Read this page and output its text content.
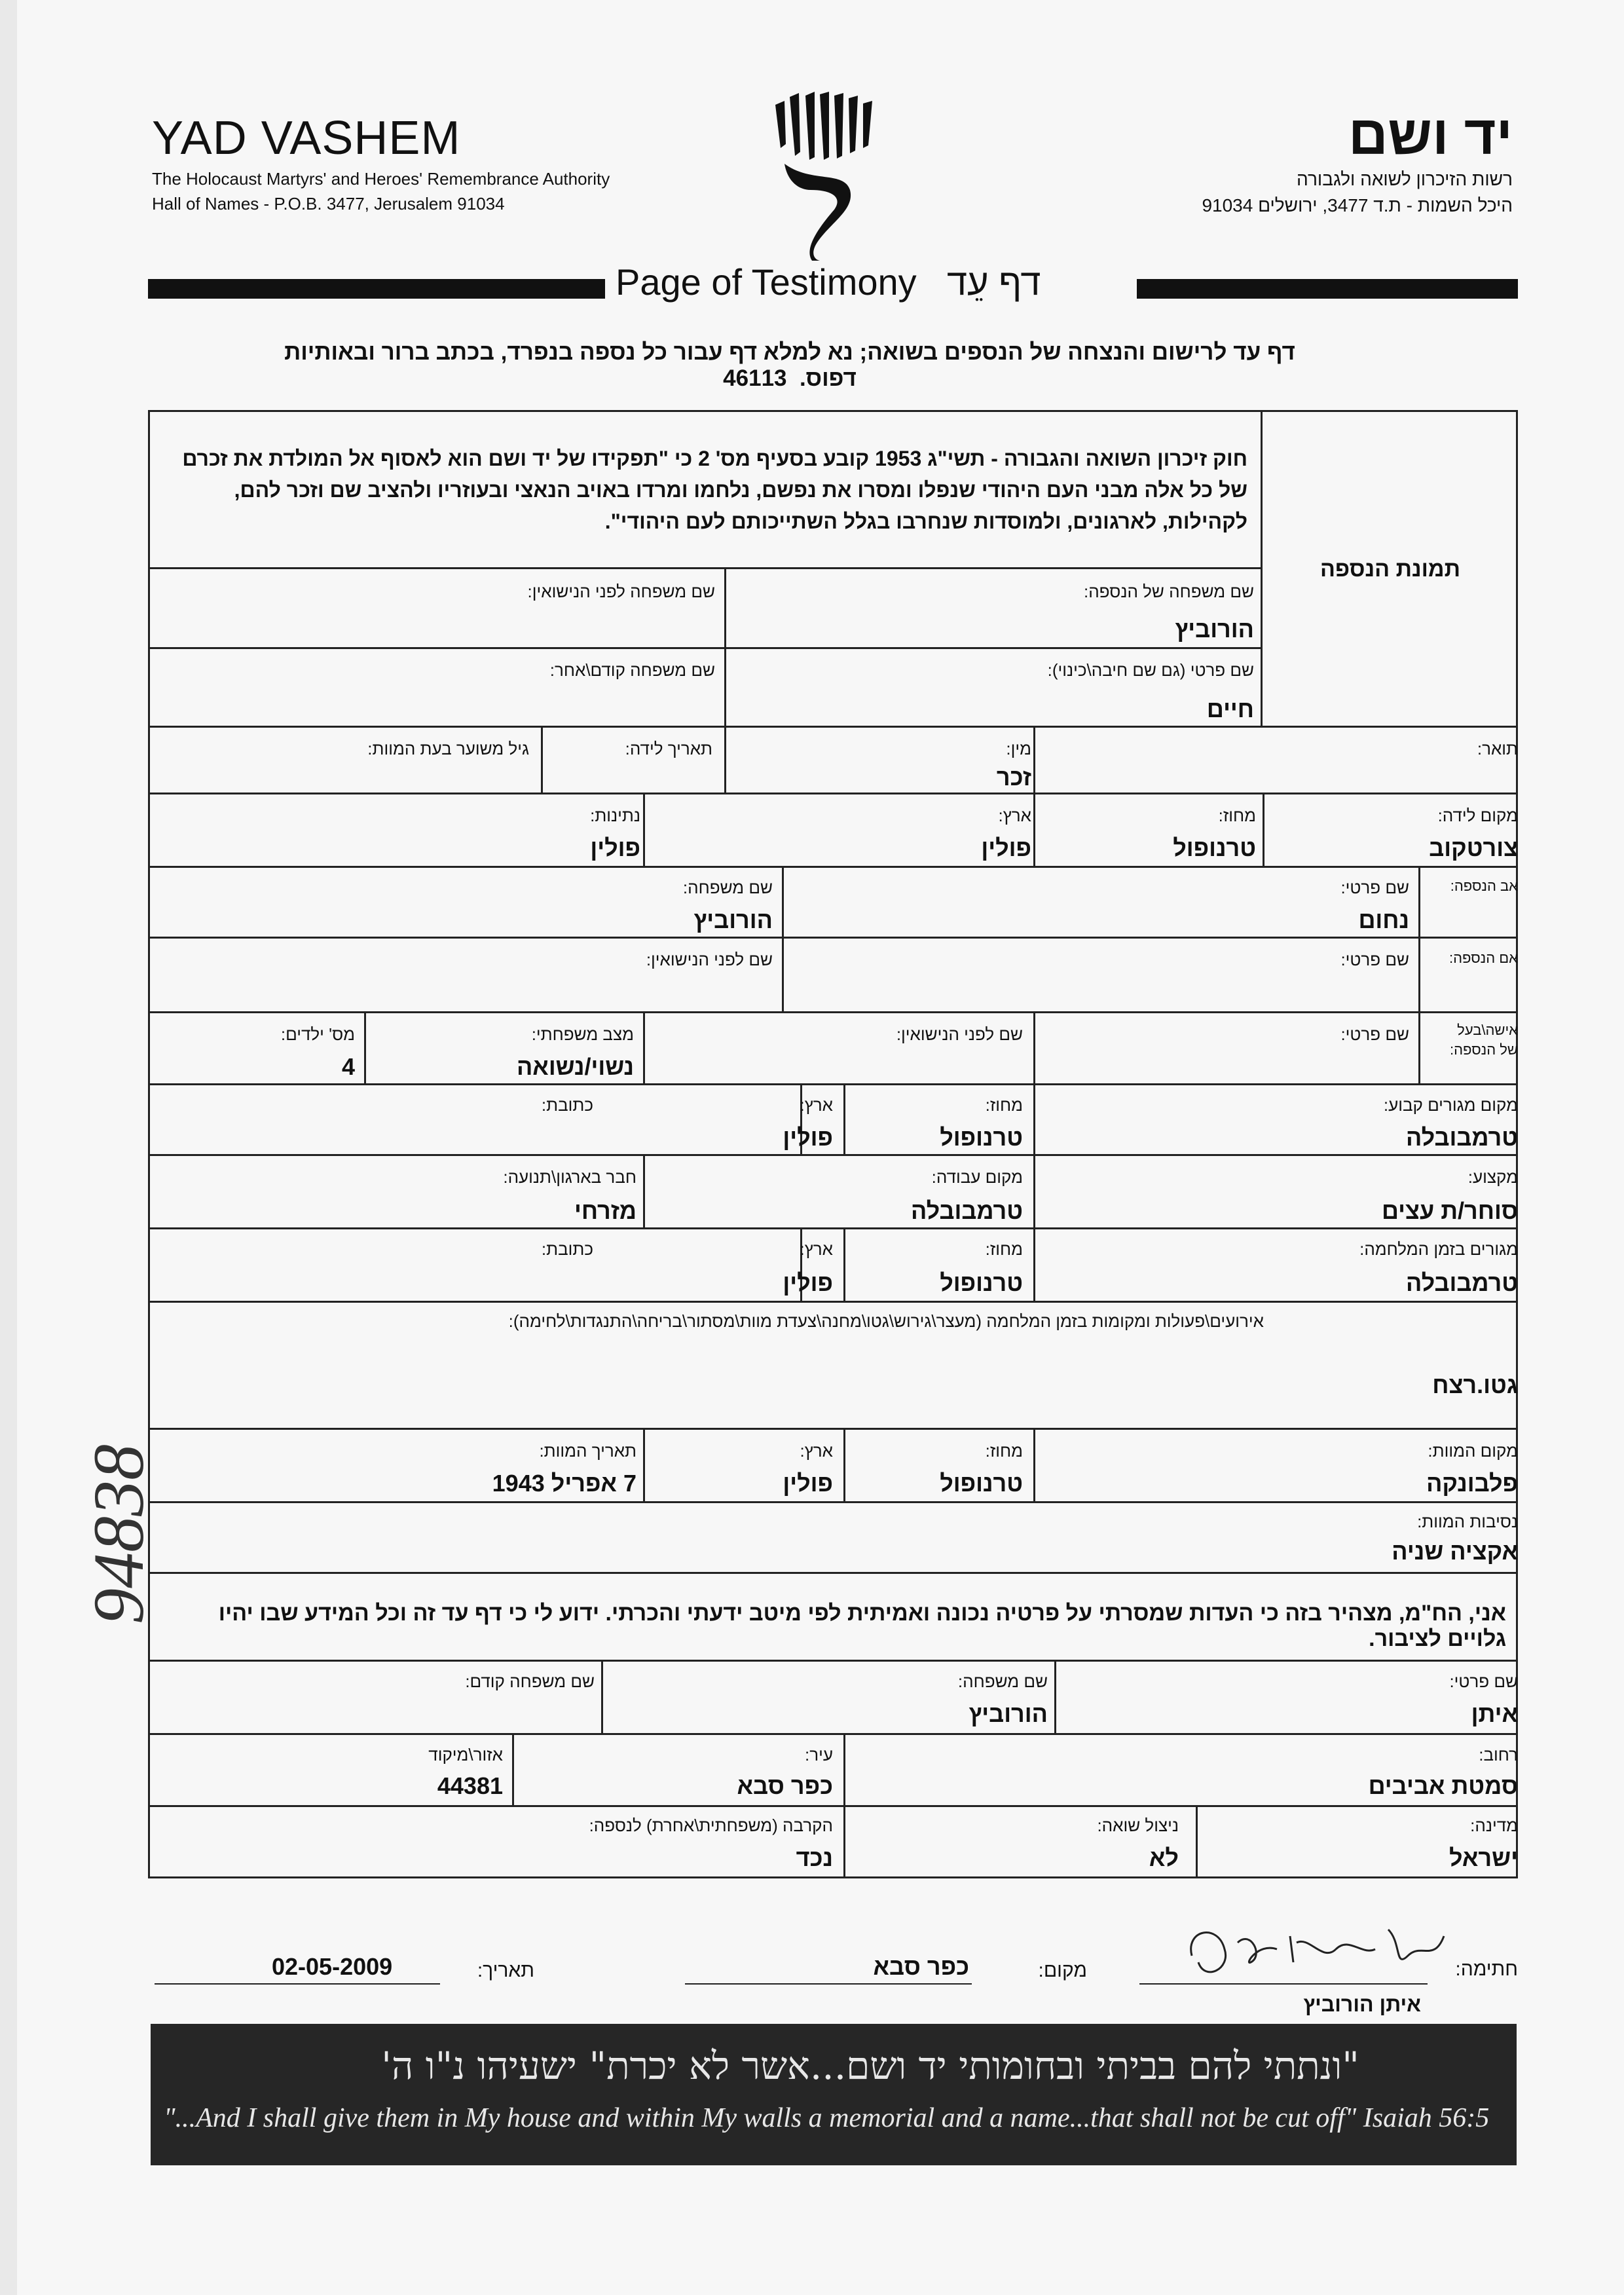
YAD VASHEM
The Holocaust Martyrs' and Heroes' Remembrance Authority
Hall of Names - P.O.B. 3477, Jerusalem 91034
יד ושם
רשות הזיכרון לשואה ולגבורה
היכל השמות - ת.ד 3477, ירושלים 91034
Page of Testimony דף עֵד
דף עד לרישום והנצחה של הנספים בשואה; נא למלא דף עבור כל נספה בנפרד, בכתב ברור ובאותיות דפוס.  46113
חוק זיכרון השואה והגבורה - תשי"ג 1953 קובע בסעיף מס' 2 כי "תפקידו של יד ושם הוא לאסוף אל המולדת את זכרם של כל אלה מבני העם היהודי שנפלו ומסרו את נפשם, נלחמו ומרדו באויב הנאצי ובעוזריו ולהציב שם וזכר להם, לקהילות, לארגונים, ולמוסדות שנחרבו בגלל השתייכותם לעם היהודי".
תמונת הנספה
שם משפחה של הנספה:
הורוביץ
שם משפחה לפני הנישואין:
שם פרטי (גם שם חיבה\כינוי):
חיים
שם משפחה קודם\אחר:
תואר:
מין:
זכר
תאריך לידה:
גיל משוער בעת המוות:
מקום לידה:
צורטקוב
מחוז:
טרנופול
ארץ:
פולין
נתינות:
פולין
אב הנספה:
שם פרטי:
נחום
שם משפחה:
הורוביץ
אם הנספה:
שם פרטי:
שם לפני הנישואין:
אישה\בעל
של הנספה:
שם פרטי:
שם לפני הנישואין:
מצב משפחתי:
נשוי/נשואה
מס' ילדים:
4
מקום מגורים קבוע:
טרמבובלה
מחוז:
טרנופול
ארץ:
פולין
כתובת:
מקצוע:
סוחר/ת עצים
מקום עבודה:
טרמבובלה
חבר בארגון\תנועה:
מזרחי
מגורים בזמן המלחמה:
טרמבובלה
מחוז:
טרנופול
ארץ:
פולין
כתובת:
אירועים\פעולות ומקומות בזמן המלחמה (מעצר\גירוש\גטו\מחנה\צעדת מוות\מסתור\בריחה\התנגדות\לחימה):
גטו.רצח
מקום המוות:
פלבונקה
מחוז:
טרנופול
ארץ:
פולין
תאריך המוות:
7 אפריל 1943
נסיבות המוות:
אקציה שניה
אני, הח"מ, מצהיר בזה כי העדות שמסרתי על פרטיה נכונה ואמיתית לפי מיטב ידעתי והכרתי. ידוע לי כי דף עד זה וכל המידע שבו יהיו גלויים לציבור.
שם פרטי:
איתן
שם משפחה:
הורוביץ
שם משפחה קודם:
רחוב:
סמטת אביבים
עיר:
כפר סבא
אזור\מיקוד
44381
מדינה:
ישראל
ניצול שואה:
לא
הקרבה (משפחתית\אחרת) לנספה:
נכד
חתימה:
איתן הורוביץ
מקום:
כפר סבא
תאריך:
02-05-2009
"ונתתי להם בביתי ובחומותי יד ושם...אשר לא יכרת" ישעיהו נ"ו ה'
"...And I shall give them in My house and within My walls a memorial and a name...that shall not be cut off" Isaiah 56:5
94838
